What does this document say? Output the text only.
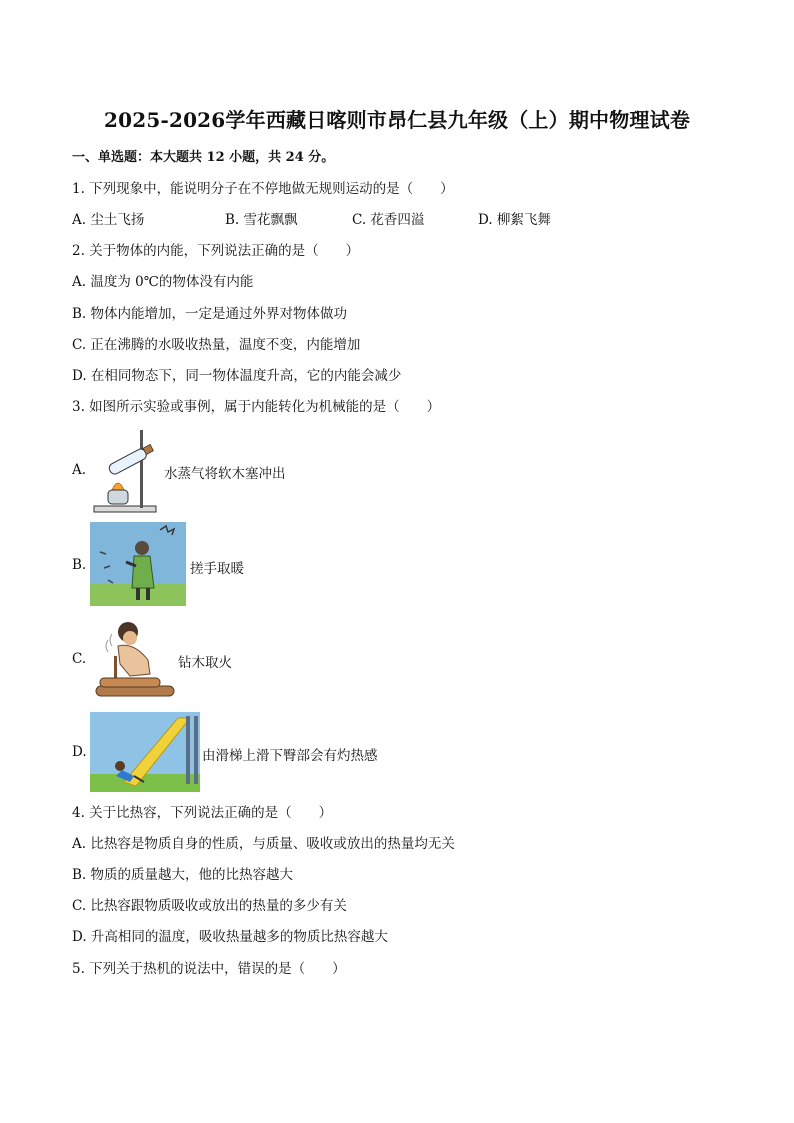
2025-2026学年西藏日喀则市昂仁县九年级（上）期中物理试卷
一、单选题：本大题共 12 小题，共 24 分。
1. 下列现象中，能说明分子在不停地做无规则运动的是（　　）
A. 尘土飞扬	B. 雪花飘飘	C. 花香四溢	D. 柳絮飞舞
2. 关于物体的内能，下列说法正确的是（　　）
A. 温度为 0℃的物体没有内能
B. 物体内能增加，一定是通过外界对物体做功
C. 正在沸腾的水吸收热量，温度不变，内能增加
D. 在相同物态下，同一物体温度升高，它的内能会减少
3. 如图所示实验或事例，属于内能转化为机械能的是（　　）
A.	水蒸气将软木塞冲出
B.	搓手取暖
C.	钻木取火
D.	由滑梯上滑下臀部会有灼热感
4. 关于比热容，下列说法正确的是（　　）
A. 比热容是物质自身的性质，与质量、吸收或放出的热量均无关
B. 物质的质量越大，他的比热容越大
C. 比热容跟物质吸收或放出的热量的多少有关
D. 升高相同的温度，吸收热量越多的物质比热容越大
5. 下列关于热机的说法中，错误的是（　　）
